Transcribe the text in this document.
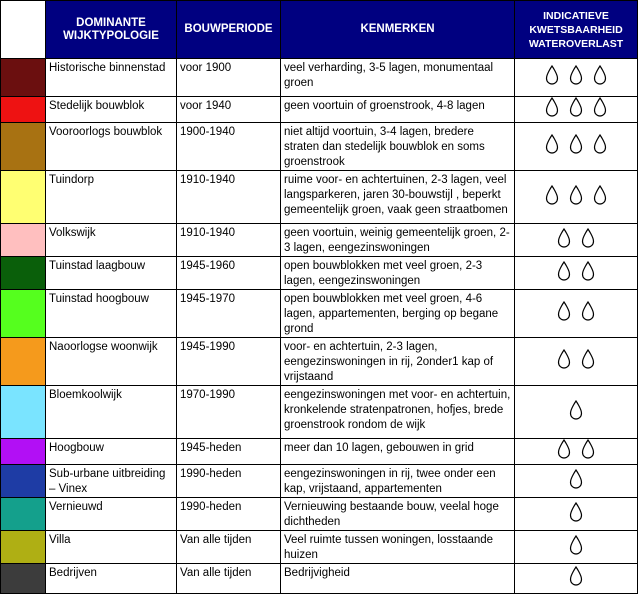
	DOMINANTE WIJKTYPOLOGIE	BOUWPERIODE	KENMERKEN	INDICATIEVE KWETSBAARHEID WATEROVERLAST
	Historische binnenstad	voor 1900	veel verharding, 3-5 lagen, monumentaal groen	

	Stedelijk bouwblok	voor 1940	geen voortuin of groenstrook, 4-8 lagen	

	Vooroorlogs bouwblok	1900-1940	niet altijd voortuin, 3-4 lagen, bredere straten dan stedelijk bouwblok en soms groenstrook	

	Tuindorp	1910-1940	ruime voor- en achtertuinen, 2-3 lagen, veel langsparkeren, jaren 30-bouwstijl , beperkt gemeentelijk groen, vaak geen straatbomen	

	Volkswijk	1910-1940	geen voortuin, weinig gemeentelijk groen, 2-3 lagen, eengezinswoningen	

	Tuinstad laagbouw	1945-1960	open bouwblokken met veel groen, 2-3 lagen, eengezinswoningen	

	Tuinstad hoogbouw	1945-1970	open bouwblokken met veel groen, 4-6 lagen, appartementen, berging op begane grond	

	Naoorlogse woonwijk	1945-1990	voor- en achtertuin, 2-3 lagen, eengezinswoningen in rij, 2onder1 kap of vrijstaand	

	Bloemkoolwijk	1970-1990	eengezinswoningen met voor- en achtertuin, kronkelende stratenpatronen, hofjes, brede groenstrook rondom de wijk	

	Hoogbouw	1945-heden	meer dan 10 lagen, gebouwen in grid	

	Sub-urbane uitbreiding – Vinex	1990-heden	eengezinswoningen in rij, twee onder een kap, vrijstaand, appartementen	

	Vernieuwd	1990-heden	Vernieuwing bestaande bouw, veelal hoge dichtheden	

	Villa	Van alle tijden	Veel ruimte tussen woningen, losstaande huizen	

	Bedrijven	Van alle tijden	Bedrijvigheid	
